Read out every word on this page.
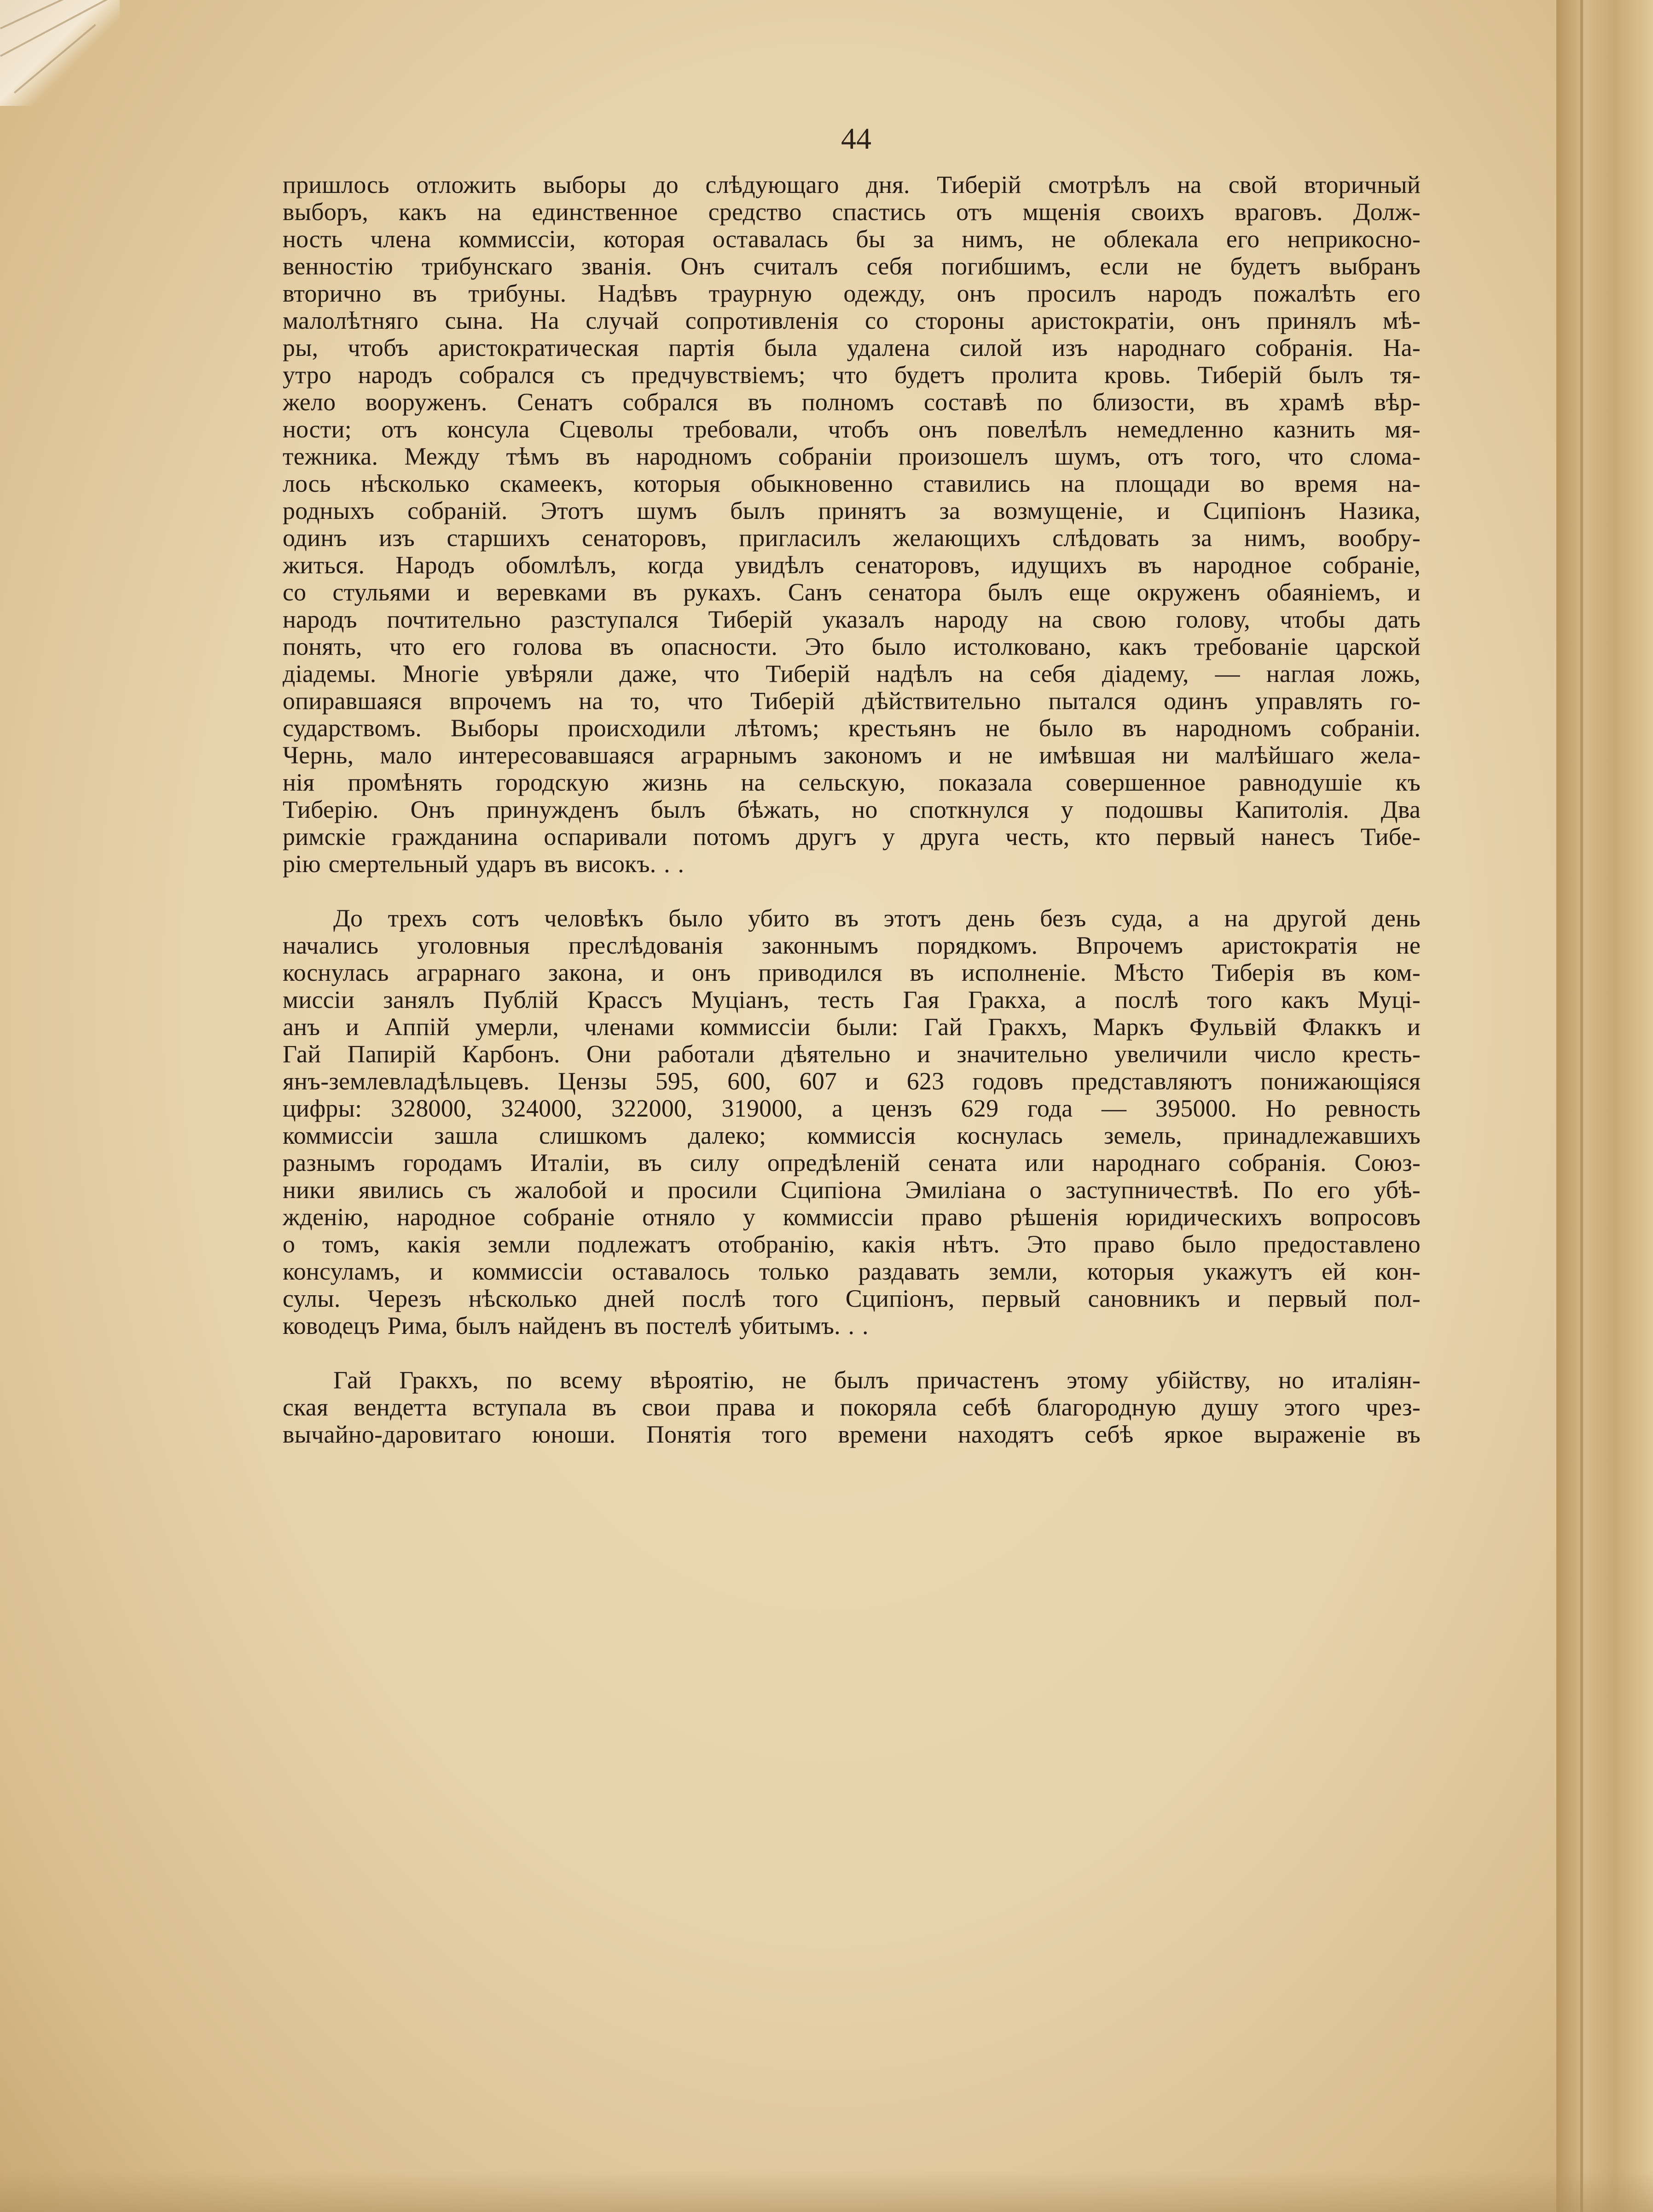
44
пришлось отложить выборы до слѣдующаго дня. Тиберій смотрѣлъ на свой вторичный
выборъ, какъ на единственное средство спастись отъ мщенія своихъ враговъ. Долж-
ность члена коммиссіи, которая оставалась бы за нимъ, не облекала его неприкосно-
венностію трибунскаго званія. Онъ считалъ себя погибшимъ, если не будетъ выбранъ
вторично въ трибуны. Надѣвъ траурную одежду, онъ просилъ народъ пожалѣть его
малолѣтняго сына. На случай сопротивленія со стороны аристократіи, онъ принялъ мѣ-
ры, чтобъ аристократическая партія была удалена силой изъ народнаго собранія. На-
утро народъ собрался съ предчувствіемъ; что будетъ пролита кровь. Тиберій былъ тя-
жело вооруженъ. Сенатъ собрался въ полномъ составѣ по близости, въ храмѣ вѣр-
ности; отъ консула Сцеволы требовали, чтобъ онъ повелѣлъ немедленно казнить мя-
тежника. Между тѣмъ въ народномъ собраніи произошелъ шумъ, отъ того, что слома-
лось нѣсколько скамеекъ, которыя обыкновенно ставились на площади во время на-
родныхъ собраній. Этотъ шумъ былъ принятъ за возмущеніе, и Сципіонъ Назика,
одинъ изъ старшихъ сенаторовъ, пригласилъ желающихъ слѣдовать за нимъ, вообру-
житься. Народъ обомлѣлъ, когда увидѣлъ сенаторовъ, идущихъ въ народное собраніе,
со стульями и веревками въ рукахъ. Санъ сенатора былъ еще окруженъ обаяніемъ, и
народъ почтительно разступался Тиберій указалъ народу на свою голову, чтобы дать
понять, что его голова въ опасности. Это было истолковано, какъ требованіе царской
діадемы. Многіе увѣряли даже, что Тиберій надѣлъ на себя діадему, — наглая ложь,
опиравшаяся впрочемъ на то, что Тиберій дѣйствительно пытался одинъ управлять го-
сударствомъ. Выборы происходили лѣтомъ; крестьянъ не было въ народномъ собраніи.
Чернь, мало интересовавшаяся аграрнымъ закономъ и не имѣвшая ни малѣйшаго жела-
нія промѣнять городскую жизнь на сельскую, показала совершенное равнодушіе къ
Тиберію. Онъ принужденъ былъ бѣжать, но споткнулся у подошвы Капитолія. Два
римскіе гражданина оспаривали потомъ другъ у друга честь, кто первый нанесъ Тибе-
рію смертельный ударъ въ високъ. . .
До трехъ сотъ человѣкъ было убито въ этотъ день безъ суда, а на другой день
начались уголовныя преслѣдованія законнымъ порядкомъ. Впрочемъ аристократія не
коснулась аграрнаго закона, и онъ приводился въ исполненіе. Мѣсто Тиберія въ ком-
миссіи занялъ Публій Крассъ Муціанъ, тесть Гая Гракха, а послѣ того какъ Муці-
анъ и Аппій умерли, членами коммиссіи были: Гай Гракхъ, Маркъ Фульвій Флаккъ и
Гай Папирій Карбонъ. Они работали дѣятельно и значительно увеличили число кресть-
янъ-землевладѣльцевъ. Цензы 595, 600, 607 и 623 годовъ представляютъ понижающіяся
цифры: 328000, 324000, 322000, 319000, а цензъ 629 года — 395000. Но ревность
коммиссіи зашла слишкомъ далеко; коммиссія коснулась земель, принадлежавшихъ
разнымъ городамъ Италіи, въ силу опредѣленій сената или народнаго собранія. Союз-
ники явились съ жалобой и просили Сципіона Эмиліана о заступничествѣ. По его убѣ-
жденію, народное собраніе отняло у коммиссіи право рѣшенія юридическихъ вопросовъ
о томъ, какія земли подлежатъ отобранію, какія нѣтъ. Это право было предоставлено
консуламъ, и коммиссіи оставалось только раздавать земли, которыя укажутъ ей кон-
сулы. Черезъ нѣсколько дней послѣ того Сципіонъ, первый сановникъ и первый пол-
ководецъ Рима, былъ найденъ въ постелѣ убитымъ. . .
Гай Гракхъ, по всему вѣроятію, не былъ причастенъ этому убійству, но италіян-
ская вендетта вступала въ свои права и покоряла себѣ благородную душу этого чрез-
вычайно-даровитаго юноши. Понятія того времени находятъ себѣ яркое выраженіе въ
